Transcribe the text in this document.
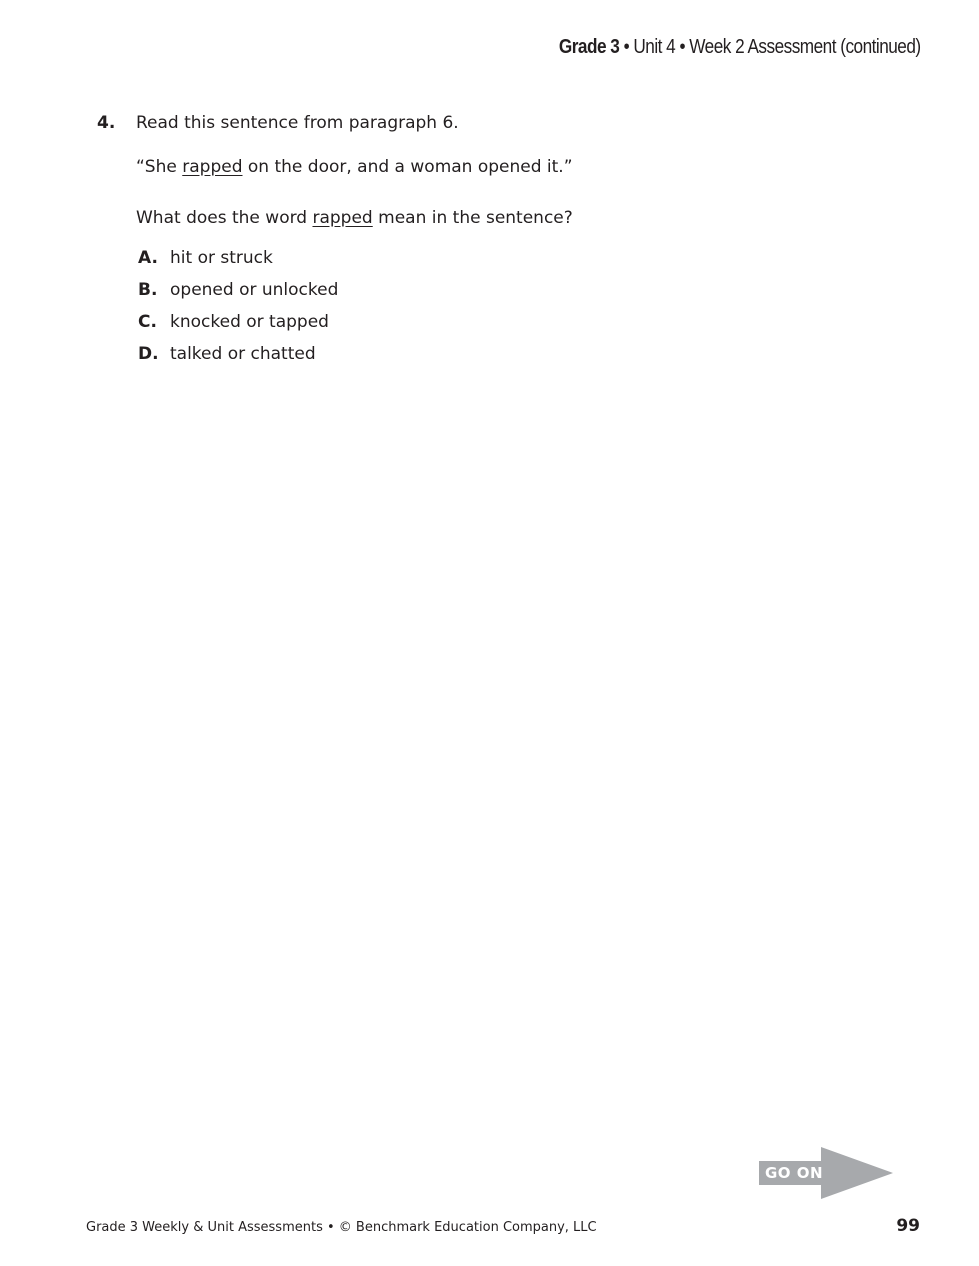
Grade 3 • Unit 4 • Week 2 Assessment (continued)
4.	Read this sentence from paragraph 6.
“She rapped on the door, and a woman opened it.”
What does the word rapped mean in the sentence?
A. hit or struck
B. opened or unlocked
C. knocked or tapped
D. talked or chatted
GO ON
Grade 3 Weekly & Unit Assessments • © Benchmark Education Company, LLC	99
